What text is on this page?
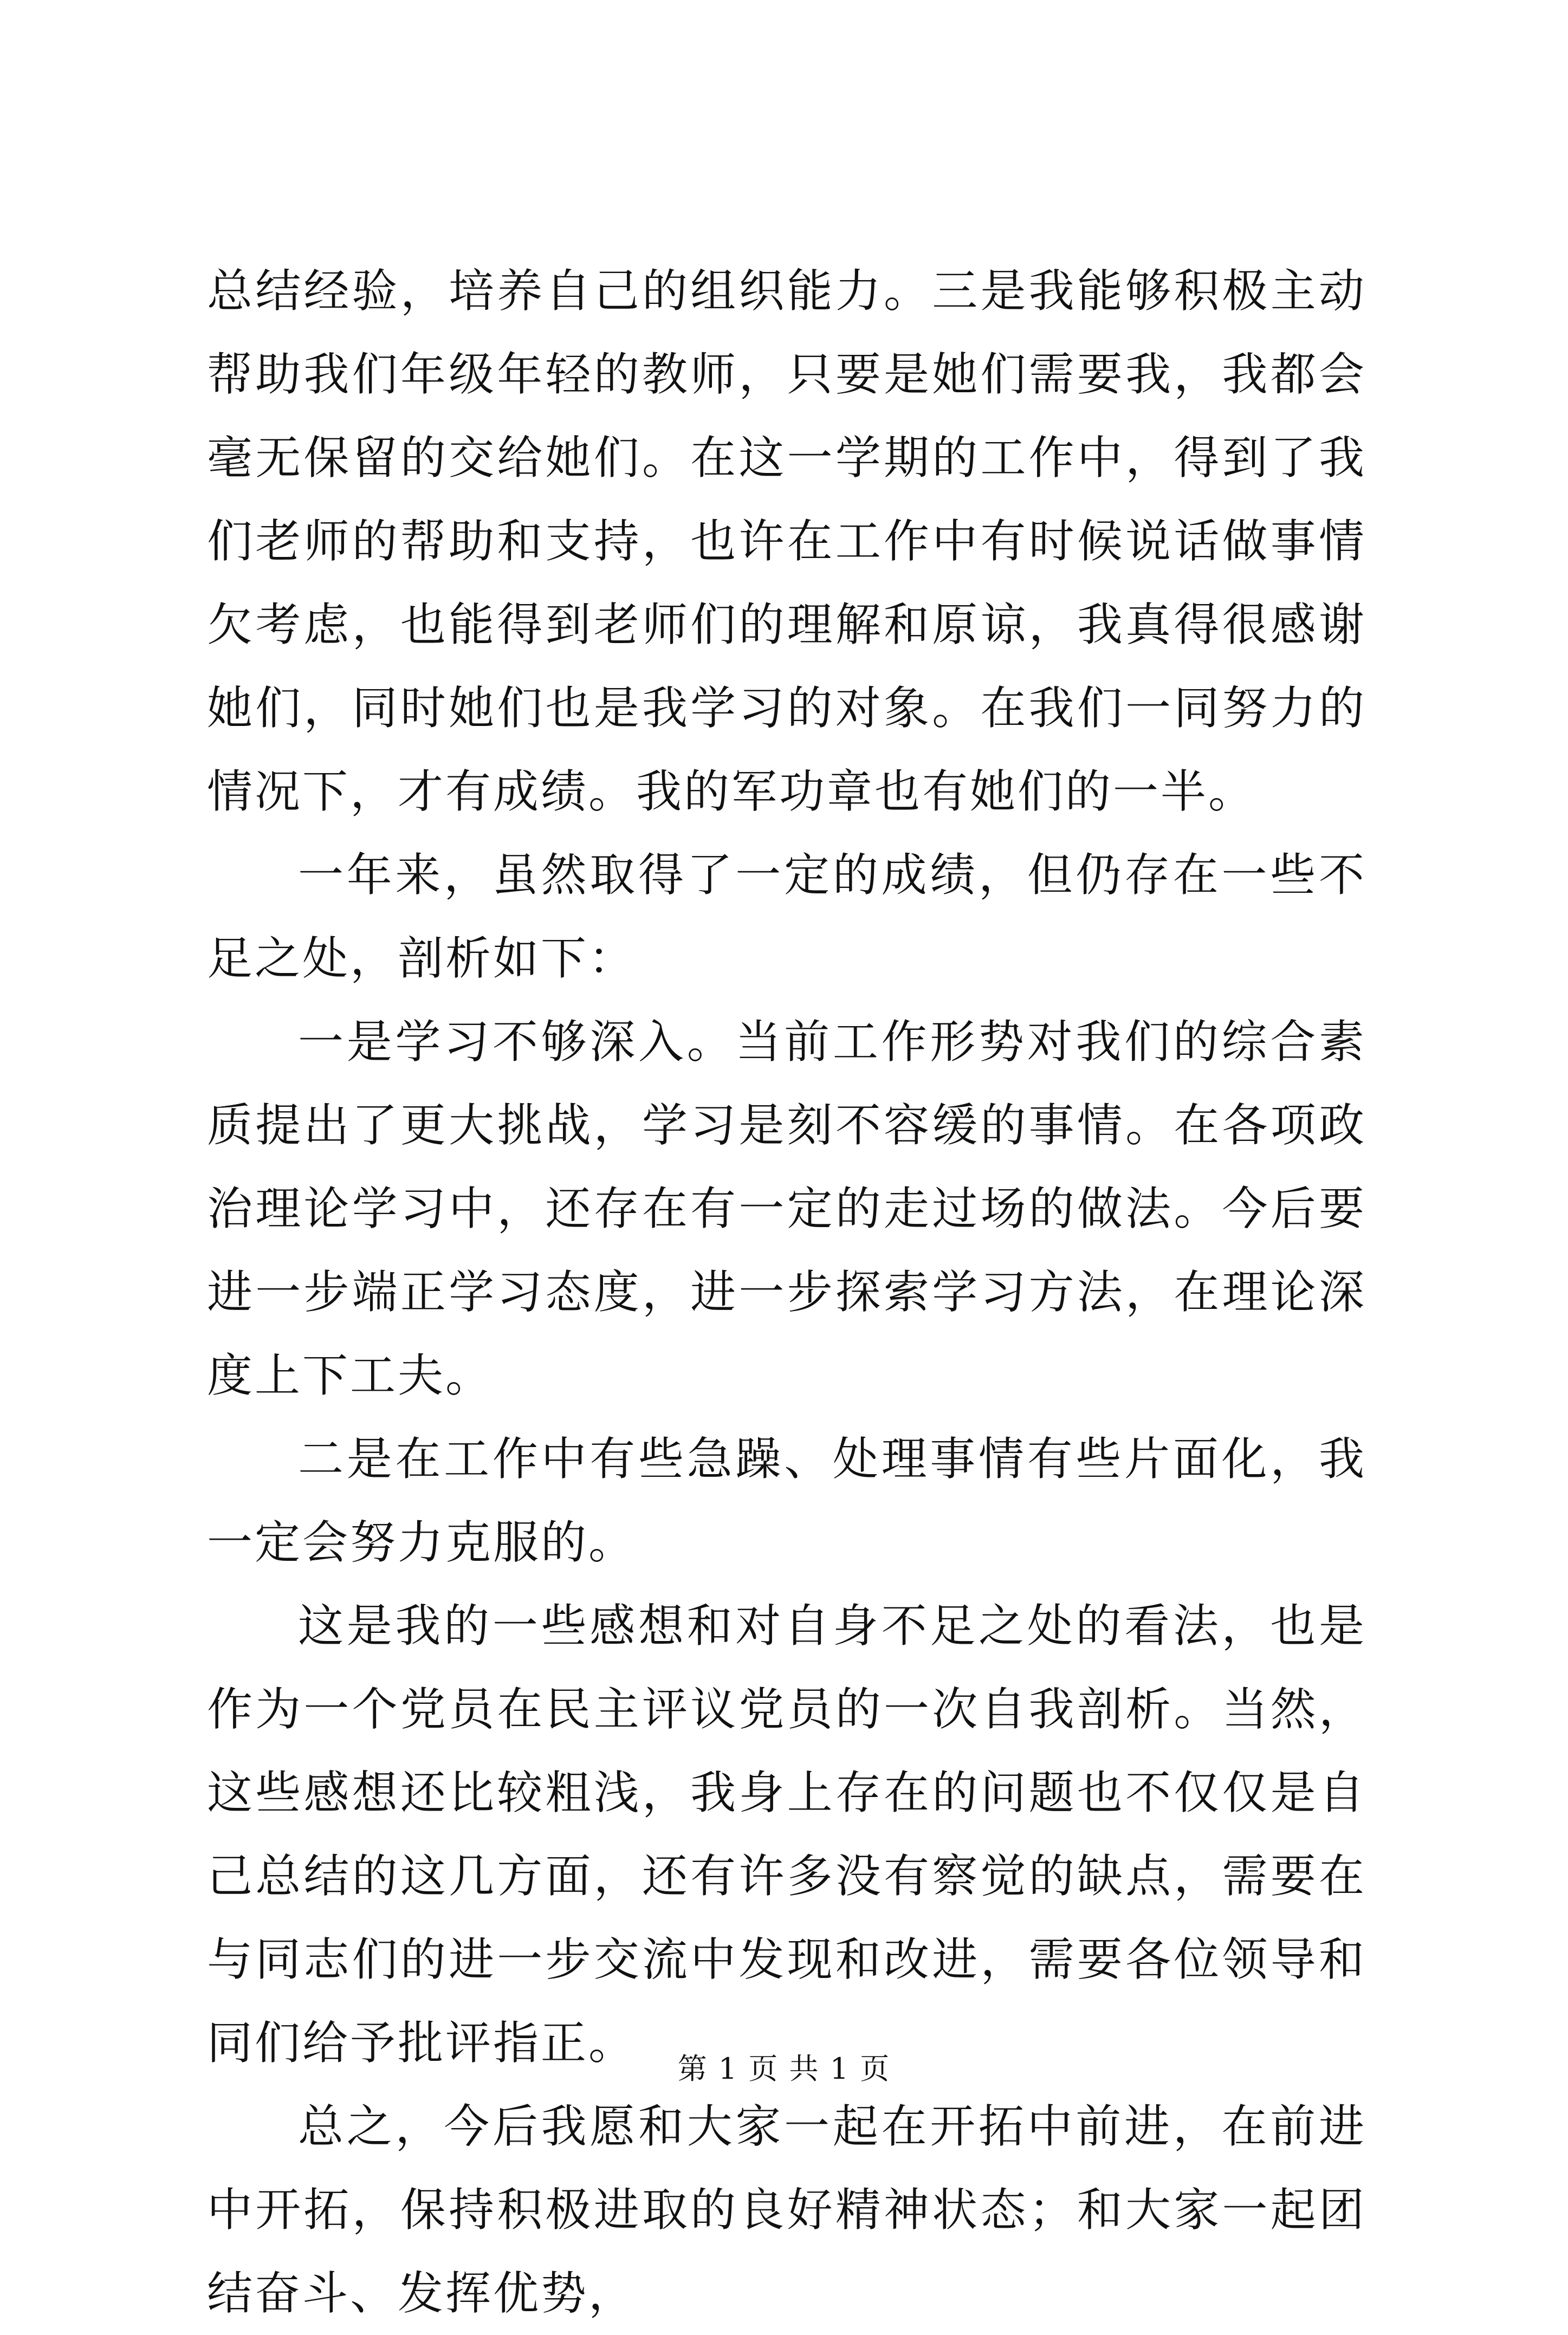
总结经验，培养自己的组织能力。三是我能够积极主动帮助我们年级年轻的教师，只要是她们需要我，我都会毫无保留的交给她们。在这一学期的工作中，得到了我们老师的帮助和支持，也许在工作中有时候说话做事情欠考虑，也能得到老师们的理解和原谅，我真得很感谢她们，同时她们也是我学习的对象。在我们一同努力的情况下，才有成绩。我的军功章也有她们的一半。

一年来，虽然取得了一定的成绩，但仍存在一些不足之处，剖析如下：

一是学习不够深入。当前工作形势对我们的综合素质提出了更大挑战，学习是刻不容缓的事情。在各项政治理论学习中，还存在有一定的走过场的做法。今后要进一步端正学习态度，进一步探索学习方法，在理论深度上下工夫。

二是在工作中有些急躁、处理事情有些片面化，我一定会努力克服的。

这是我的一些感想和对自身不足之处的看法，也是作为一个党员在民主评议党员的一次自我剖析。当然，这些感想还比较粗浅，我身上存在的问题也不仅仅是自己总结的这几方面，还有许多没有察觉的缺点，需要在与同志们的进一步交流中发现和改进，需要各位领导和同们给予批评指正。

总之，今后我愿和大家一起在开拓中前进，在前进中开拓，保持积极进取的良好精神状态；和大家一起团结奋斗、发挥优势，

第 1 页 共 1 页
